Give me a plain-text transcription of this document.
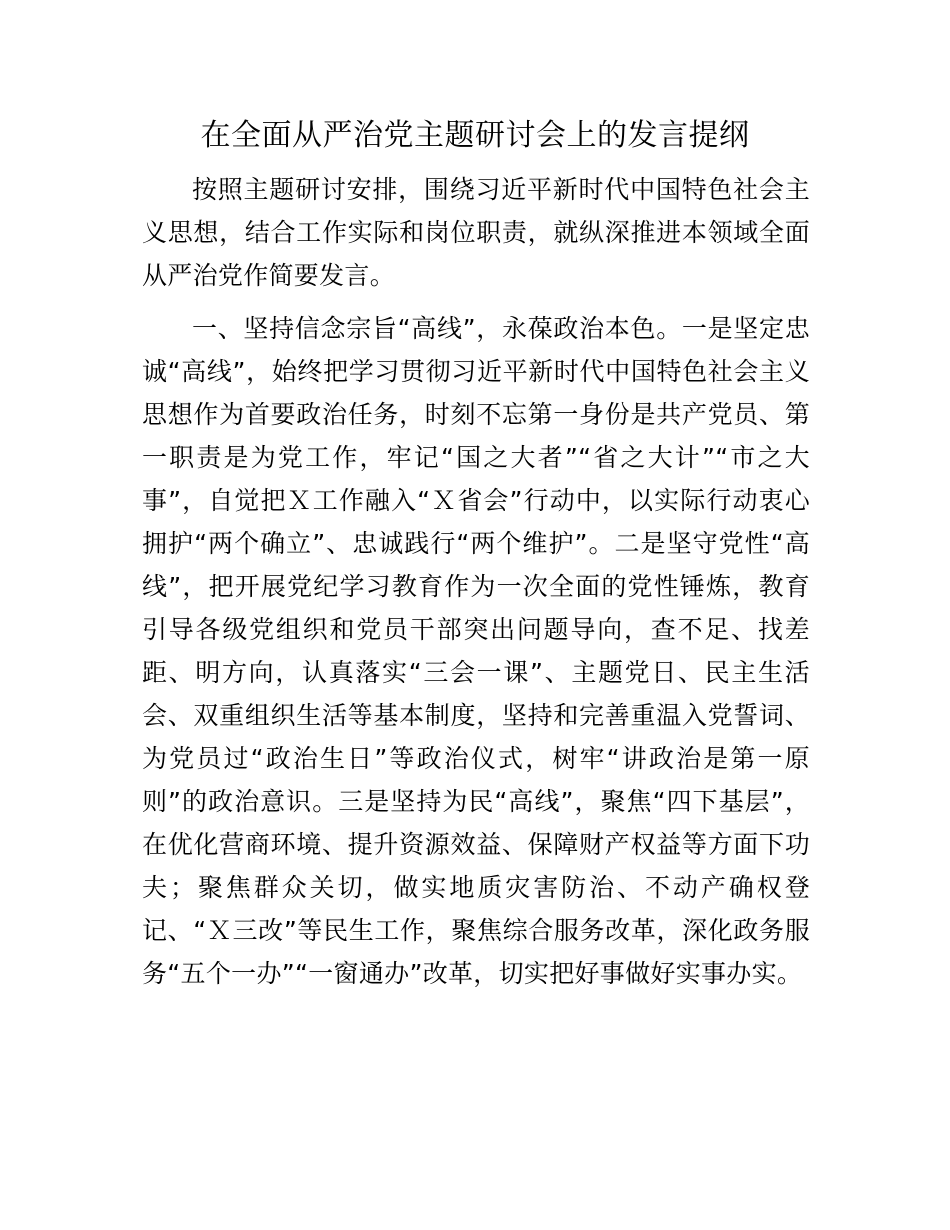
在全面从严治党主题研讨会上的发言提纲

按照主题研讨安排，围绕习近平新时代中国特色社会主义思想，结合工作实际和岗位职责，就纵深推进本领域全面从严治党作简要发言。

一、坚持信念宗旨“高线”，永葆政治本色。一是坚定忠诚“高线”，始终把学习贯彻习近平新时代中国特色社会主义思想作为首要政治任务，时刻不忘第一身份是共产党员、第一职责是为党工作，牢记“国之大者”“省之大计”“市之大事”，自觉把Ｘ工作融入“Ｘ省会”行动中，以实际行动衷心拥护“两个确立”、忠诚践行“两个维护”。二是坚守党性“高线”，把开展党纪学习教育作为一次全面的党性锤炼，教育引导各级党组织和党员干部突出问题导向，查不足、找差距、明方向，认真落实“三会一课”、主题党日、民主生活会、双重组织生活等基本制度，坚持和完善重温入党誓词、为党员过“政治生日”等政治仪式，树牢“讲政治是第一原则”的政治意识。三是坚持为民“高线”，聚焦“四下基层”，在优化营商环境、提升资源效益、保障财产权益等方面下功夫；聚焦群众关切，做实地质灾害防治、不动产确权登记、“Ｘ三改”等民生工作，聚焦综合服务改革，深化政务服务“五个一办”“一窗通办”改革，切实把好事做好实事办实。
